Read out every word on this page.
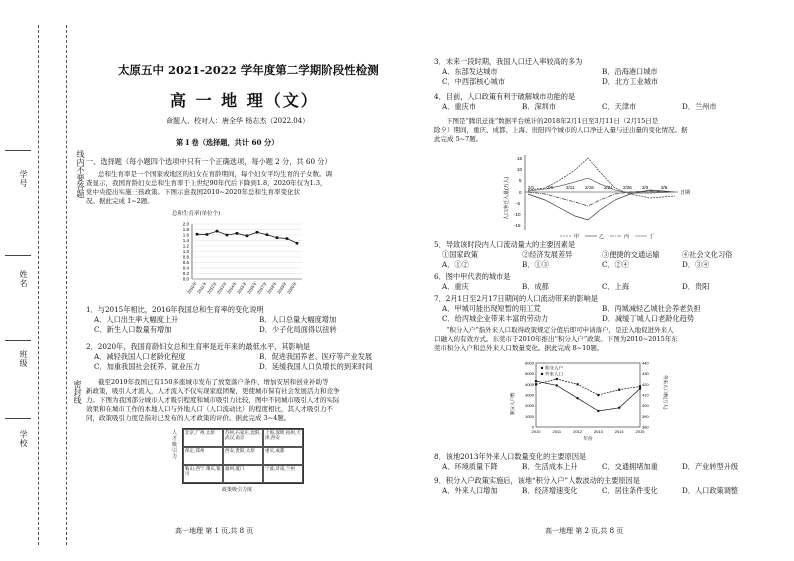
学号
姓名
班级
学校
线内不要答题
密封线
太原五中 2021-2022 学年度第二学期阶段性检测
高 一 地 理（文）
命题人、校对人：唐全华 杨志杰（2022.04）
第 I 卷（选择题，共计 60 分）
一、选择题（每小题四个选项中只有一个正确选项，每小题 2 分，共 60 分）
总和生育率是一个国家或地区的妇女在育龄期间，每个妇女平均生育的子女数。调
查显示，我国育龄妇女总和生育率于上世纪90年代后下降到1.8，2020年仅为1.3，
党中央提出实施三孩政策。下图示意我国2010~2020年总和生育率变化状
况。据此完成 1~2题。
总和生育率(单位个)
0.0
0.2
0.4
0.6
0.8
1.0
1.2
1.4
1.6
1.8
2.0
2010年
2011年
2012年
2013年
2014年
2015年
2016年
2017年
2018年
2019年
2020年
1．与2015年相比，2016年我国总和生育率的变化说明
A．人口出生率大幅度上升	B．人口总量大幅度增加
C．新生人口数量有增加	D．少子化局面得以扭转
2．2020年，我国育龄妇女总和生育率是近年来的最低水平，其影响是
A．减轻我国人口老龄化程度	B．促进我国养老、医疗等产业发展
C．加重我国社会抚养、就业压力	D．延缓我国人口负增长的到来时间
截至2019年我国已有150多座城市发布了放宽落户条件、增加安居和创业补助等
新政策，吸引人才流入，人才流入不仅实现家庭团聚，更使城市保有社会发展活力和竞争
力。下图为我国部分城市人才吸引程度和城市吸引力比较，图中不同城市吸引人才的实际
效果和在城市工作的本地人口与外地人口（人口流动比）的程度相比，其人才吸引力不
同，政策吸引力度是指对已发布的人才政策的评价。据此完成 3~4题。
人才吸引力
北京,广州,太原	苏州,石家庄,沈阳,武汉,南京
上海,深圳,杭州,天津,西安
保定,郑州	西安,贵阳,太原	重庆,成都
鞍山,西宁,肇庆,银川
福州,厦门	宁波,济南,兰州
政策吸引力度
高一地理 第 1 页,共 8 页
3．未来一段时期，我国人口迁入率较高的多为
A．东部发达城市	B．沿海港口城市
C．中西部核心城市	D．北方工业城市
4．目前，人口政策有利于破解城市功能的是
A．重庆市	B．深圳市	C．天津市	D．兰州市
下图是“腾讯迁徙”数据平台统计的2018年2月1日至3月11日（2月15日是
除夕）期间，重庆、成都、上海、贵阳四个城市的人口净迁入量与迁出量的变化情况。据
此完成 5~7题。
人口净迁入量(万人)	日期
15
10
5
0
-5
-10
-15
2/1	2/6	2/11 2/16 2/21 2/26 3/3	3/8
甲	乙	丙	丁
5．导致该时段内人口流动量大的主要因素是
①国家政策	②经济发展差异	③便捷的交通运输	④社会文化习俗
A．①②	B．①③	C．②④	D．③④
6．图中甲代表的城市是
A．重庆	B．成都	C．上海	D．贵阳
7．2月1日至2月17日期间的人口流动带来的影响是
A．甲城可能出现短暂的用工荒	B．丙城减轻乙城社会养老负担
C．给丙城企业带来丰富的劳动力	D．减缓丁城人口老龄化趋势
“积分入户”指外来人口取得政策规定分值后即可申请落户，是迁入地促进外来人
口融入的有效方式。东莞市于2010年推出“积分入户”政策。下图为2010~2015年东
莞市积分入户和总外来人口数量变化。据此完成 8~10题。
积分入户数	外来人口数(万人)
0
1000
2000
3000
4000
5000
6000
380
390
400
410
420
430
440
2010	2011	2012	2013	2014	2015
年份
积分入户
外来人口
8．该地2013年外来人口数量变化的主要原因是
A．环境质量下降	B．生活成本上升	C．交通拥堵加重	D．产业转型升级
9．积分入户政策实施后，该地“积分入户”人数波动的主要原因是
A．外来人口增加	B．经济增速变化	C．居住条件变化	D．人口政策调整
高一地理 第 2 页,共 8 页
